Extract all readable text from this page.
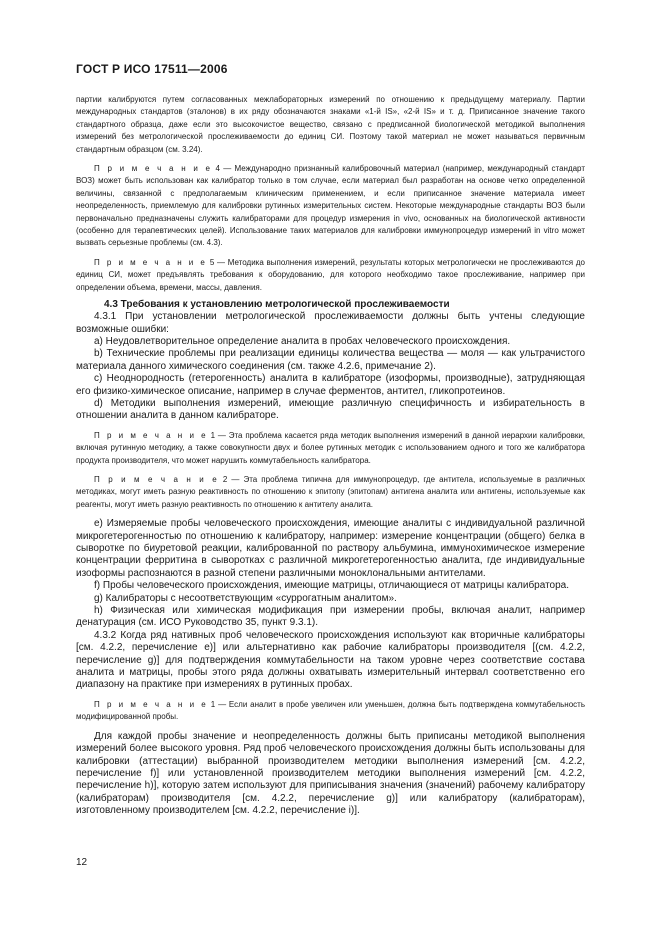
ГОСТ Р ИСО 17511—2006

партии калибруются путем согласованных межлабораторных измерений по отношению к предыдущему материалу. Партии международных стандартов (эталонов) в их ряду обозначаются знаками «1-й IS», «2-й IS» и т. д. Приписанное значение такого стандартного образца, даже если это высокочистое вещество, связано с предписанной биологической методикой выполнения измерений без метрологической прослеживаемости до единиц СИ. Поэтому такой материал не может называться первичным стандартным образцом (см. 3.24).

П р и м е ч а н и е 4 — Международно признанный калибровочный материал (например, международный стандарт ВОЗ) может быть использован как калибратор только в том случае, если материал был разработан на основе четко определенной величины, связанной с предполагаемым клиническим применением, и если приписанное значение материала имеет неопределенность, приемлемую для калибровки рутинных измерительных систем. Некоторые международные стандарты ВОЗ были первоначально предназначены служить калибраторами для процедур измерения in vivo, основанных на биологической активности (особенно для терапевтических целей). Использование таких материалов для калибровки иммунопроцедур измерений in vitro может вызвать серьезные проблемы (см. 4.3).

П р и м е ч а н и е 5 — Методика выполнения измерений, результаты которых метрологически не прослеживаются до единиц СИ, может предъявлять требования к оборудованию, для которого необходимо такое прослеживание, например при определении объема, времени, массы, давления.

4.3 Требования к установлению метрологической прослеживаемости

4.3.1 При установлении метрологической прослеживаемости должны быть учтены следующие возможные ошибки:

а) Неудовлетворительное определение аналита в пробах человеческого происхождения.

b) Технические проблемы при реализации единицы количества вещества — моля — как ультрачистого материала данного химического соединения (см. также 4.2.6, примечание 2).

с) Неоднородность (гетерогенность) аналита в калибраторе (изоформы, производные), затрудняющая его физико-химическое описание, например в случае ферментов, антител, гликопротеинов.

d) Методики выполнения измерений, имеющие различную специфичность и избирательность в отношении аналита в данном калибраторе.

П р и м е ч а н и е 1 — Эта проблема касается ряда методик выполнения измерений в данной иерархии калибровки, включая рутинную методику, а также совокупности двух и более рутинных методик с использованием одного и того же калибратора продукта производителя, что может нарушить коммутабельность калибратора.

П р и м е ч а н и е 2 — Эта проблема типична для иммунопроцедур, где антитела, используемые в различных методиках, могут иметь разную реактивность по отношению к эпитопу (эпитопам) антигена аналита или антигены, используемые как реагенты, могут иметь разную реактивность по отношению к антителу аналита.

е) Измеряемые пробы человеческого происхождения, имеющие аналиты с индивидуальной различной микрогетерогенностью по отношению к калибратору, например: измерение концентрации (общего) белка в сыворотке по биуретовой реакции, калиброванной по раствору альбумина, иммунохимическое измерение концентрации ферритина в сыворотках с различной микрогетерогенностью аналита, где индивидуальные изоформы распознаются в разной степени различными моноклональными антителами.

f) Пробы человеческого происхождения, имеющие матрицы, отличающиеся от матрицы калибратора.

g) Калибраторы с несоответствующим «суррогатным аналитом».

h) Физическая или химическая модификация при измерении пробы, включая аналит, например денатурация (см. ИСО Руководство 35, пункт 9.3.1).

4.3.2 Когда ряд нативных проб человеческого происхождения используют как вторичные калибраторы [см. 4.2.2, перечисление е)] или альтернативно как рабочие калибраторы производителя [(см. 4.2.2, перечисление g)] для подтверждения коммутабельности на таком уровне через соответствие состава аналита и матрицы, пробы этого ряда должны охватывать измерительный интервал соответственно его диапазону на практике при измерениях в рутинных пробах.

П р и м е ч а н и е 1 — Если аналит в пробе увеличен или уменьшен, должна быть подтверждена коммутабельность модифицированной пробы.

Для каждой пробы значение и неопределенность должны быть приписаны методикой выполнения измерений более высокого уровня. Ряд проб человеческого происхождения должны быть использованы для калибровки (аттестации) выбранной производителем методики выполнения измерений [см. 4.2.2, перечисление f)] или установленной производителем методики выполнения измерений [см. 4.2.2, перечисление h)], которую затем используют для приписывания значения (значений) рабочему калибратору (калибраторам) производителя [см. 4.2.2, перечисление g)] или калибратору (калибраторам), изготовленному производителем [см. 4.2.2, перечисление i)].

12
